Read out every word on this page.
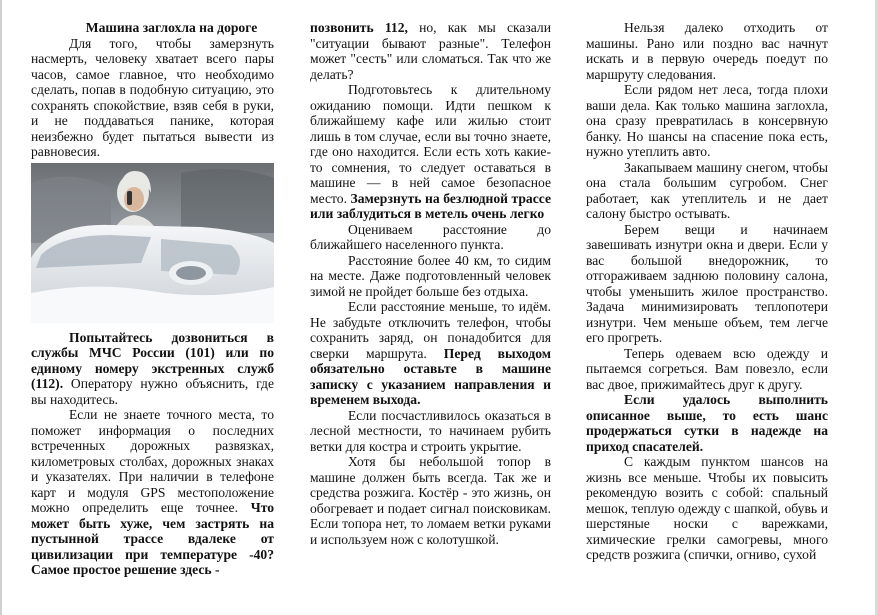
Машина заглохла на дороге

Для того, чтобы замерзнуть насмерть, человеку хватает всего пары часов, самое главное, что необходимо сделать, попав в подобную ситуацию, это сохранять спокойствие, взяв себя в руки, и не поддаваться панике, которая неизбежно будет пытаться вывести из равновесия.

Попытайтесь дозвониться в службы МЧС России (101) или по единому номеру экстренных служб (112). Оператору нужно объяснить, где вы находитесь.

Если не знаете точного места, то поможет информация о последних встреченных дорожных развязках, километровых столбах, дорожных знаках и указателях. При наличии в телефоне карт и модуля GPS местоположение можно определить еще точнее. Что может быть хуже, чем застрять на пустынной трассе вдалеке от цивилизации при температуре -40? Самое простое решение здесь -

позвонить 112, но, как мы сказали "ситуации бывают разные". Телефон может "сесть" или сломаться. Так что же делать?

Подготовьтесь к длительному ожиданию помощи. Идти пешком к ближайшему кафе или жилью стоит лишь в том случае, если вы точно знаете, где оно находится. Если есть хоть какие-то сомнения, то следует оставаться в машине — в ней самое безопасное место. Замерзнуть на безлюдной трассе или заблудиться в метель очень легко

Оцениваем расстояние до ближайшего населенного пункта.

Расстояние более 40 км, то сидим на месте. Даже подготовленный человек зимой не пройдет больше без отдыха.

Если расстояние меньше, то идём. Не забудьте отключить телефон, чтобы сохранить заряд, он понадобится для сверки маршрута. Перед выходом обязательно оставьте в машине записку с указанием направления и временем выхода.

Если посчастливилось оказаться в лесной местности, то начинаем рубить ветки для костра и строить укрытие.

Хотя бы небольшой топор в машине должен быть всегда. Так же и средства розжига. Костёр - это жизнь, он обогревает и подает сигнал поисковикам. Если топора нет, то ломаем ветки руками и используем нож с колотушкой.

Нельзя далеко отходить от машины. Рано или поздно вас начнут искать и в первую очередь поедут по маршруту следования.

Если рядом нет леса, тогда плохи ваши дела. Как только машина заглохла, она сразу превратилась в консервную банку. Но шансы на спасение пока есть, нужно утеплить авто.

Закапываем машину снегом, чтобы она стала большим сугробом. Снег работает, как утеплитель и не дает салону быстро остывать.

Берем вещи и начинаем завешивать изнутри окна и двери. Если у вас большой внедорожник, то отгораживаем заднюю половину салона, чтобы уменьшить жилое пространство. Задача минимизировать теплопотери изнутри. Чем меньше объем, тем легче его прогреть.

Теперь одеваем всю одежду и пытаемся согреться. Вам повезло, если вас двое, прижимайтесь друг к другу.

Если удалось выполнить описанное выше, то есть шанс продержаться сутки в надежде на приход спасателей.

С каждым пунктом шансов на жизнь все меньше. Чтобы их повысить рекомендую возить с собой: спальный мешок, теплую одежду с шапкой, обувь и шерстяные носки с варежками, химические грелки самогревы, много средств розжига (спички, огниво, сухой
